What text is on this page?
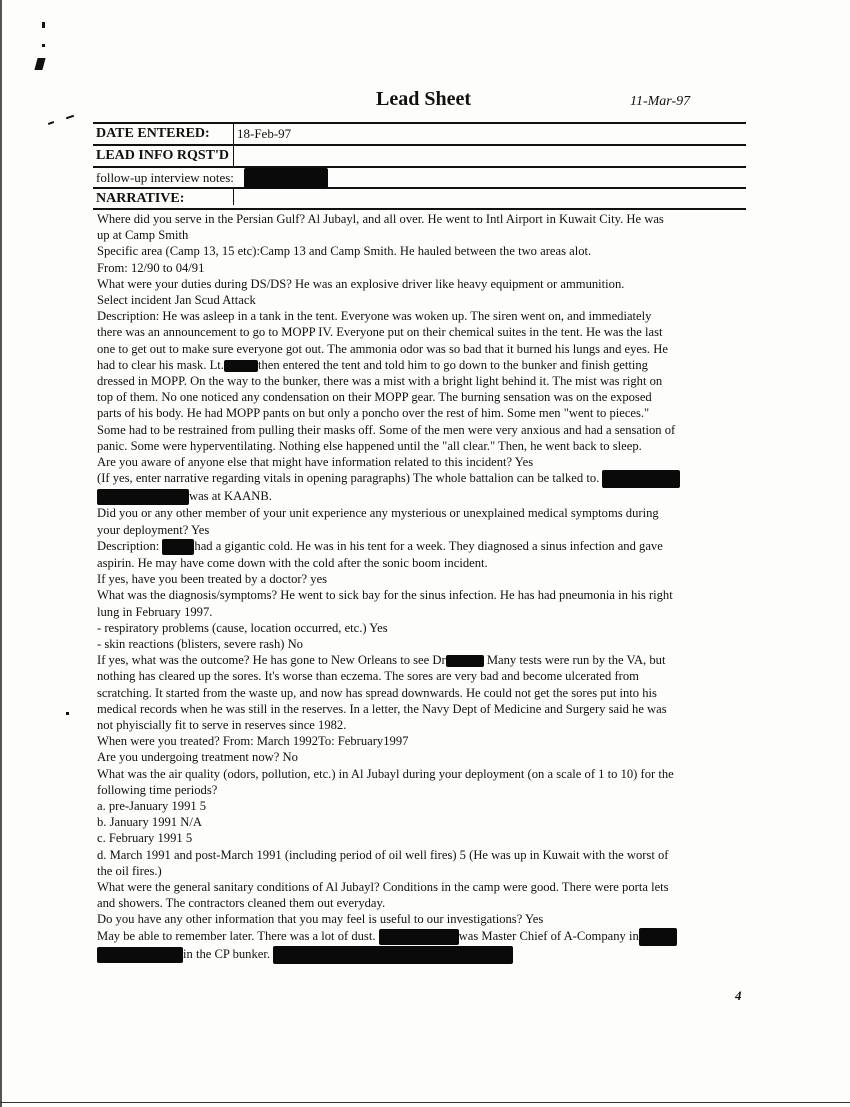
Lead Sheet	11-Mar-97
DATE ENTERED: 18-Feb-97
LEAD INFO RQST'D
follow-up interview notes:
NARRATIVE:

Where did you serve in the Persian Gulf? Al Jubayl, and all over. He went to Intl Airport in Kuwait City. He was

up at Camp Smith

Specific area (Camp 13, 15 etc):Camp 13 and Camp Smith. He hauled between the two areas alot.

From: 12/90 to 04/91

What were your duties during DS/DS? He was an explosive driver like heavy equipment or ammunition.

Select incident Jan Scud Attack

Description: He was asleep in a tank in the tent. Everyone was woken up. The siren went on, and immediately

there was an announcement to go to MOPP IV. Everyone put on their chemical suites in the tent. He was the last

one to get out to make sure everyone got out. The ammonia odor was so bad that it burned his lungs and eyes. He

had to clear his mask. Lt.	then entered the tent and told him to go down to the bunker and finish getting

dressed in MOPP. On the way to the bunker, there was a mist with a bright light behind it. The mist was right on

top of them. No one noticed any condensation on their MOPP gear. The burning sensation was on the exposed

parts of his body. He had MOPP pants on but only a poncho over the rest of him. Some men "went to pieces."

Some had to be restrained from pulling their masks off. Some of the men were very anxious and had a sensation of

panic. Some were hyperventilating. Nothing else happened until the "all clear." Then, he went back to sleep.

Are you aware of anyone else that might have information related to this incident? Yes

(If yes, enter narrative regarding vitals in opening paragraphs) The whole battalion can be talked to.

was at KAANB.

Did you or any other member of your unit experience any mysterious or unexplained medical symptoms during

your deployment? Yes

Description:	had a gigantic cold. He was in his tent for a week. They diagnosed a sinus infection and gave

aspirin. He may have come down with the cold after the sonic boom incident.

If yes, have you been treated by a doctor? yes

What was the diagnosis/symptoms? He went to sick bay for the sinus infection. He has had pneumonia in his right

lung in February 1997.

- respiratory problems (cause, location occurred, etc.) Yes

- skin reactions (blisters, severe rash) No

If yes, what was the outcome? He has gone to New Orleans to see Dr	Many tests were run by the VA, but

nothing has cleared up the sores. It's worse than eczema. The sores are very bad and become ulcerated from

scratching. It started from the waste up, and now has spread downwards. He could not get the sores put into his

medical records when he was still in the reserves. In a letter, the Navy Dept of Medicine and Surgery said he was

not phyiscially fit to serve in reserves since 1982.

When were you treated? From: March 1992To: February1997

Are you undergoing treatment now? No

What was the air quality (odors, pollution, etc.) in Al Jubayl during your deployment (on a scale of 1 to 10) for the

following time periods?

a. pre-January 1991 5

b. January 1991 N/A

c. February 1991 5

d. March 1991 and post-March 1991 (including period of oil well fires) 5 (He was up in Kuwait with the worst of

the oil fires.)

What were the general sanitary conditions of Al Jubayl? Conditions in the camp were good. There were porta lets

and showers. The contractors cleaned them out everyday.

Do you have any other information that you may feel is useful to our investigations? Yes

May be able to remember later. There was a lot of dust.	was Master Chief of A-Company in

in the CP bunker.

4
